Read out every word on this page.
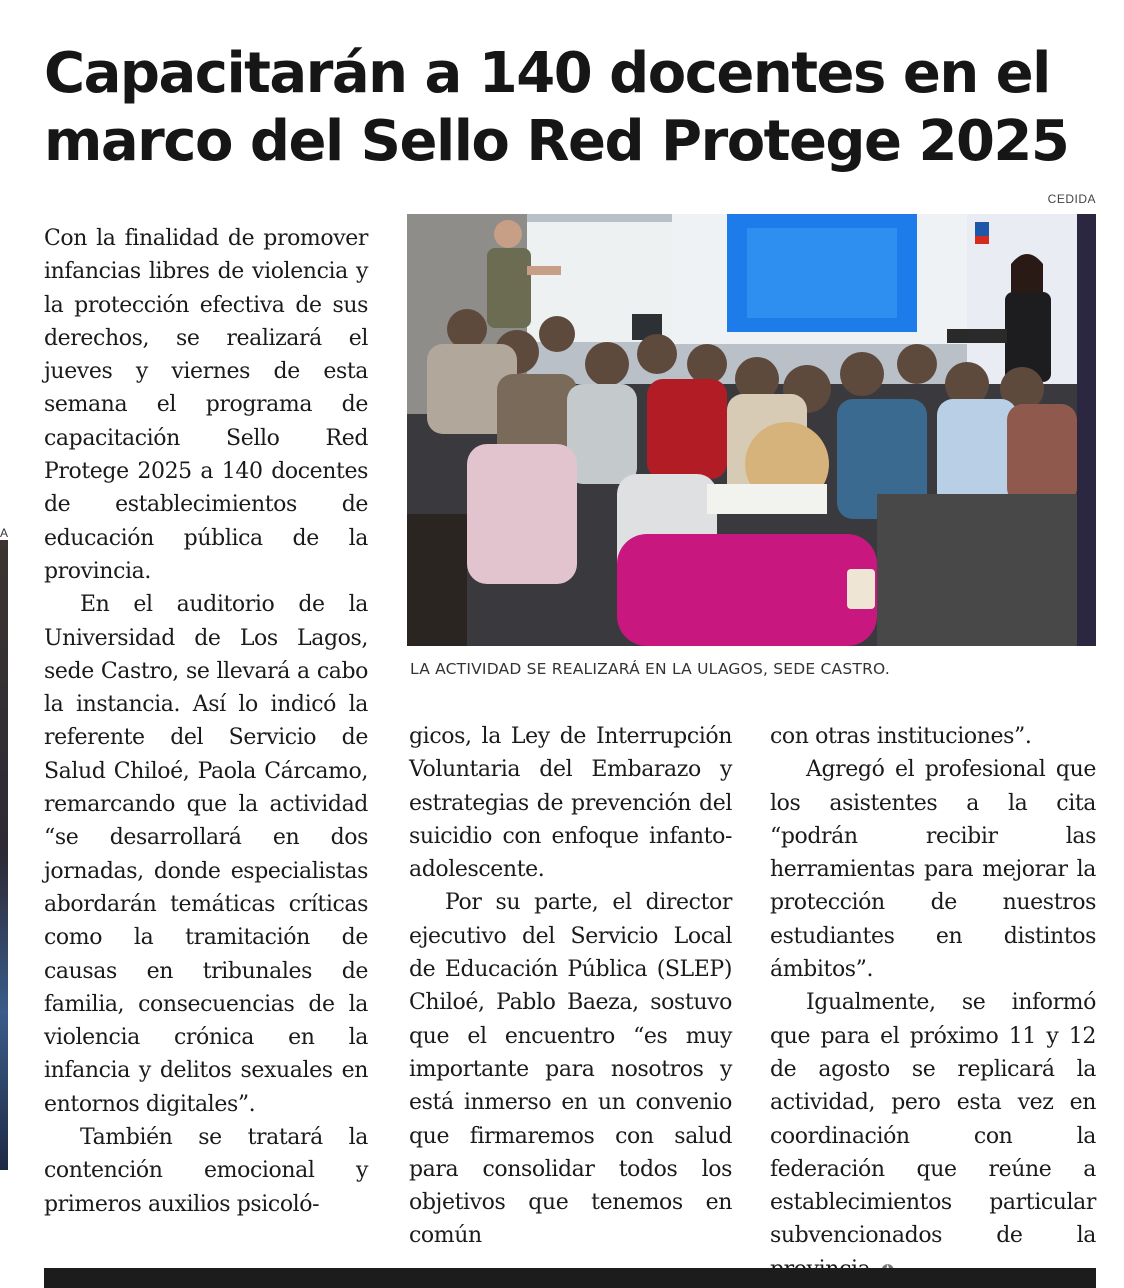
A
Capacitarán a 140 docentes en el marco del Sello Red Protege 2025
CEDIDA
LA ACTIVIDAD SE REALIZARÁ EN LA ULAGOS, SEDE CASTRO.

Con la finalidad de promover infancias libres de violencia y la protección efectiva de sus derechos, se realizará el jueves y viernes de esta semana el programa de capacitación Sello Red Protege 2025 a 140 docentes de establecimientos de educación pública de la provincia.

En el auditorio de la Universidad de Los Lagos, sede Castro, se llevará a cabo la instancia. Así lo indicó la referente del Servicio de Salud Chiloé, Paola Cárcamo, remarcando que la actividad “se desarrollará en dos jornadas, donde especialistas abordarán temáticas críticas como la tramitación de causas en tribunales de familia, consecuencias de la violencia crónica en la infancia y delitos sexuales en entornos digitales”.

También se tratará la contención emocional y primeros auxilios psicoló-

gicos, la Ley de Interrupción Voluntaria del Embarazo y estrategias de prevención del suicidio con enfoque infanto-adolescente.

Por su parte, el director ejecutivo del Servicio Local de Educación Pública (SLEP) Chiloé, Pablo Baeza, sostuvo que el encuentro “es muy importante para nosotros y está inmerso en un convenio que firmaremos con salud para consolidar todos los objetivos que tenemos en común

con otras instituciones”.

Agregó el profesional que los asistentes a la cita “podrán recibir las herramientas para mejorar la protección de nuestros estudiantes en distintos ámbitos”.

Igualmente, se informó que para el próximo 11 y 12 de agosto se replicará la actividad, pero esta vez en coordinación con la federación que reúne a establecimientos particular subvencionados de la
